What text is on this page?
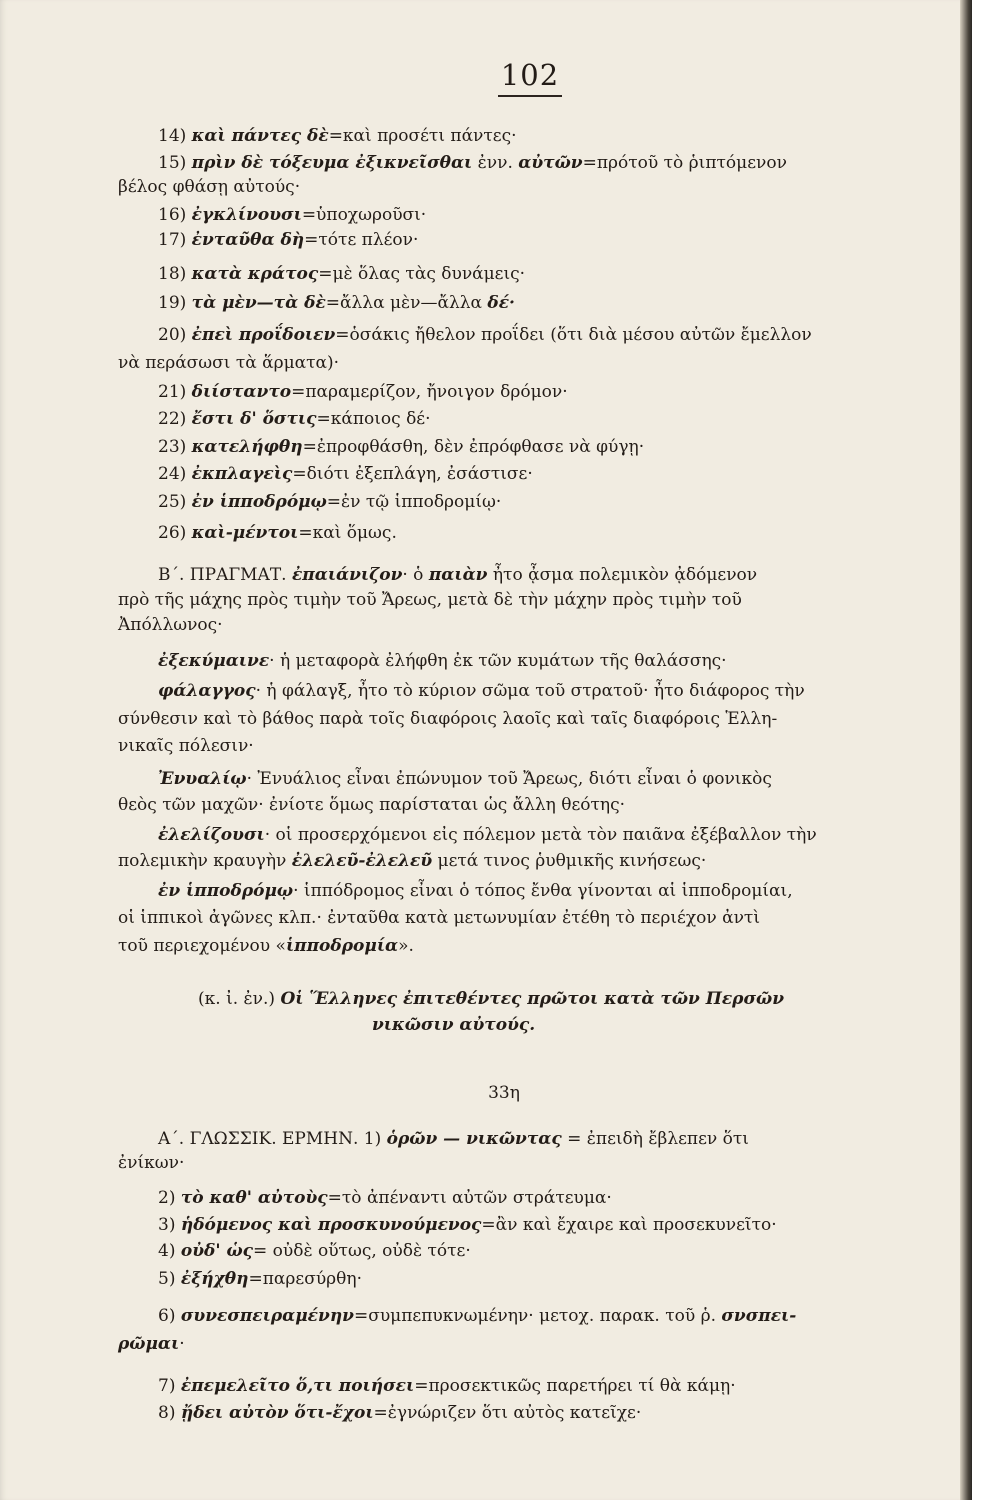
102
14) καὶ πάντες δὲ=καὶ προσέτι πάντες·
15) πρὶν δὲ τόξευμα ἐξικνεῖσθαι ἐνν. αὐτῶν=πρότοῦ τὸ ῥιπτόμενον
βέλος φθάσῃ αὐτούς·
16) ἐγκλίνουσι=ὑποχωροῦσι·
17) ἐνταῦθα δὴ=τότε πλέον·
18) κατὰ κράτος=μὲ ὅλας τὰς δυνάμεις·
19) τὰ μὲν—τὰ δὲ=ἄλλα μὲν—ἄλλα δέ·
20) ἐπεὶ προΐδοιεν=ὁσάκις ἤθελον προΐδει (ὅτι διὰ μέσου αὐτῶν ἔμελλον
νὰ περάσωσι τὰ ἅρματα)·
21) διίσταντο=παραμερίζον, ἤνοιγον δρόμον·
22) ἔστι δ' ὅστις=κάποιος δέ·
23) κατελήφθη=ἐπροφθάσθη, δὲν ἐπρόφθασε νὰ φύγῃ·
24) ἐκπλαγεὶς=διότι ἐξεπλάγη, ἐσάστισε·
25) ἐν ἱπποδρόμῳ=ἐν τῷ ἱπποδρομίῳ·
26) καὶ-μέντοι=καὶ ὅμως.
Β΄. ΠΡΑΓΜΑΤ. ἐπαιάνιζον· ὁ παιὰν ἦτο ᾆσμα πολεμικὸν ᾀδόμενον
πρὸ τῆς μάχης πρὸς τιμὴν τοῦ Ἄρεως, μετὰ δὲ τὴν μάχην πρὸς τιμὴν τοῦ
Ἀπόλλωνος·
ἐξεκύμαινε· ἡ μεταφορὰ ἐλήφθη ἐκ τῶν κυμάτων τῆς θαλάσσης·
φάλαγγος· ἡ φάλαγξ, ἦτο τὸ κύριον σῶμα τοῦ στρατοῦ· ἦτο διάφορος τὴν
σύνθεσιν καὶ τὸ βάθος παρὰ τοῖς διαφόροις λαοῖς καὶ ταῖς διαφόροις Ἑλλη-
νικαῖς πόλεσιν·
Ἐνυαλίῳ· Ἐνυάλιος εἶναι ἐπώνυμον τοῦ Ἄρεως, διότι εἶναι ὁ φονικὸς
θεὸς τῶν μαχῶν· ἐνίοτε ὅμως παρίσταται ὡς ἄλλη θεότης·
ἐλελίζουσι· οἱ προσερχόμενοι εἰς πόλεμον μετὰ τὸν παιᾶνα ἐξέβαλλον τὴν
πολεμικὴν κραυγὴν ἐλελεῦ-ἐλελεῦ μετά τινος ῥυθμικῆς κινήσεως·
ἐν ἱπποδρόμῳ· ἱππόδρομος εἶναι ὁ τόπος ἔνθα γίνονται αἱ ἱπποδρομίαι,
οἱ ἱππικοὶ ἀγῶνες κλπ.· ἐνταῦθα κατὰ μετωνυμίαν ἐτέθη τὸ περιέχον ἀντὶ
τοῦ περιεχομένου «ἱπποδρομία».
(κ. ἰ. ἐν.) Οἱ Ἕλληνες ἐπιτεθέντες πρῶτοι κατὰ τῶν Περσῶν
νικῶσιν αὐτούς.
33η
Α΄. ΓΛΩΣΣΙΚ. ΕΡΜΗΝ. 1) ὁρῶν — νικῶντας = ἐπειδὴ ἔβλεπεν ὅτι
ἐνίκων·
2) τὸ καθ' αὐτοὺς=τὸ ἀπέναντι αὐτῶν στράτευμα·
3) ἡδόμενος καὶ προσκυνούμενος=ἂν καὶ ἔχαιρε καὶ προσεκυνεῖτο·
4) οὐδ' ὡς= οὐδὲ οὕτως, οὐδὲ τότε·
5) ἐξήχθη=παρεσύρθη·
6) συνεσπειραμένην=συμπεπυκνωμένην· μετοχ. παρακ. τοῦ ῥ. σνσπει-
ρῶμαι·
7) ἐπεμελεῖτο ὅ,τι ποιήσει=προσεκτικῶς παρετήρει τί θὰ κάμῃ·
8) ᾔδει αὐτὸν ὅτι-ἔχοι=ἐγνώριζεν ὅτι αὐτὸς κατεῖχε·
